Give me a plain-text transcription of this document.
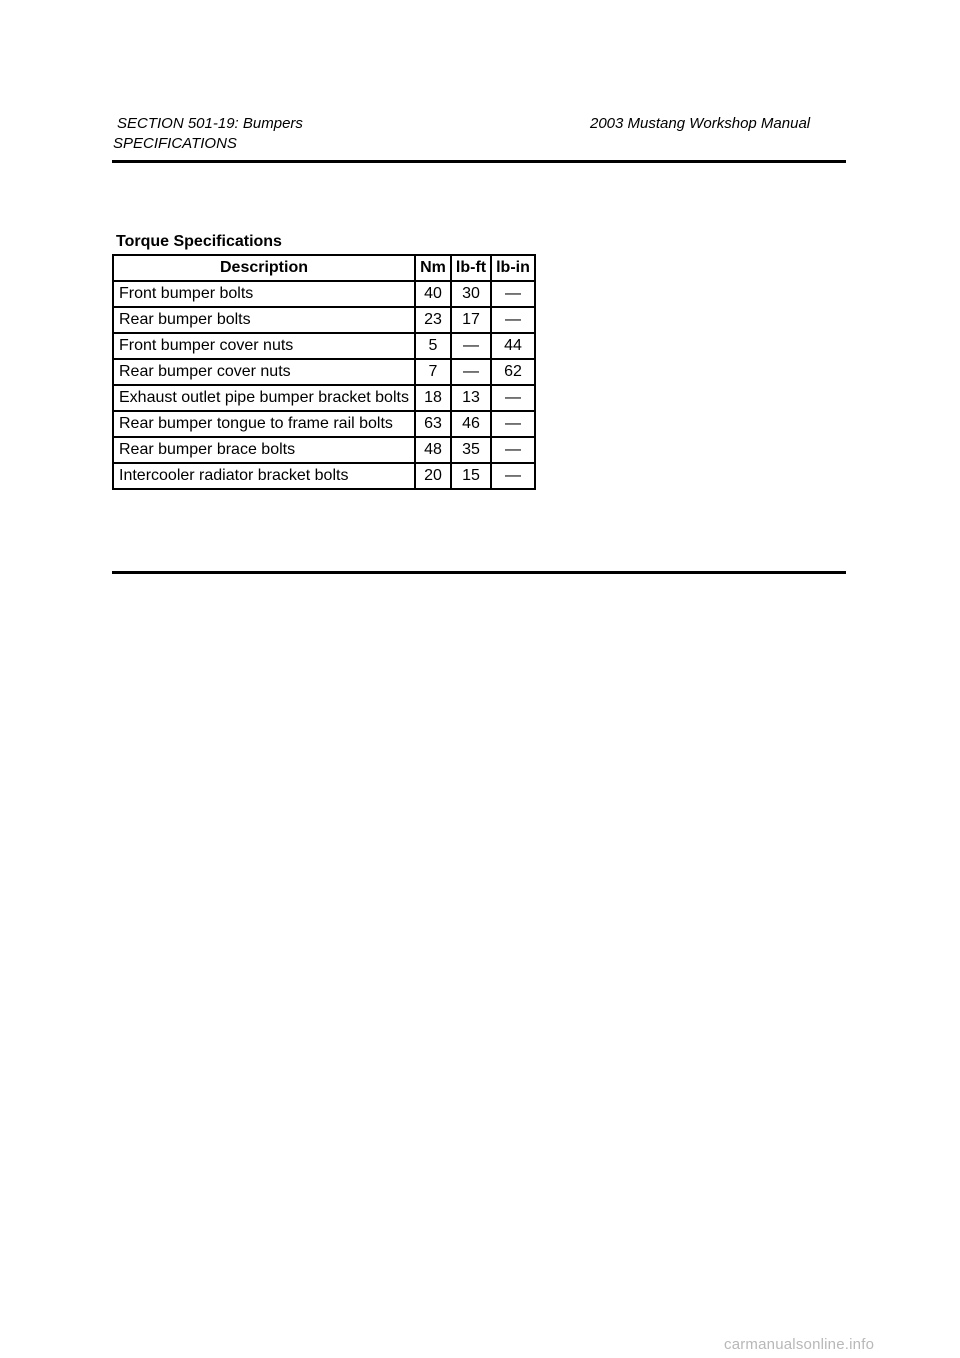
SECTION 501-19: Bumpers	2003 Mustang Workshop Manual
SPECIFICATIONS
Torque Specifications
Description	Nm	lb-ft	lb-in
Front bumper bolts	40	30	—
Rear bumper bolts	23	17	—
Front bumper cover nuts	5	—	44
Rear bumper cover nuts	7	—	62
Exhaust outlet pipe bumper bracket bolts	18	13	—
Rear bumper tongue to frame rail bolts	63	46	—
Rear bumper brace bolts	48	35	—
Intercooler radiator bracket bolts	20	15	—
carmanualsonline.info
